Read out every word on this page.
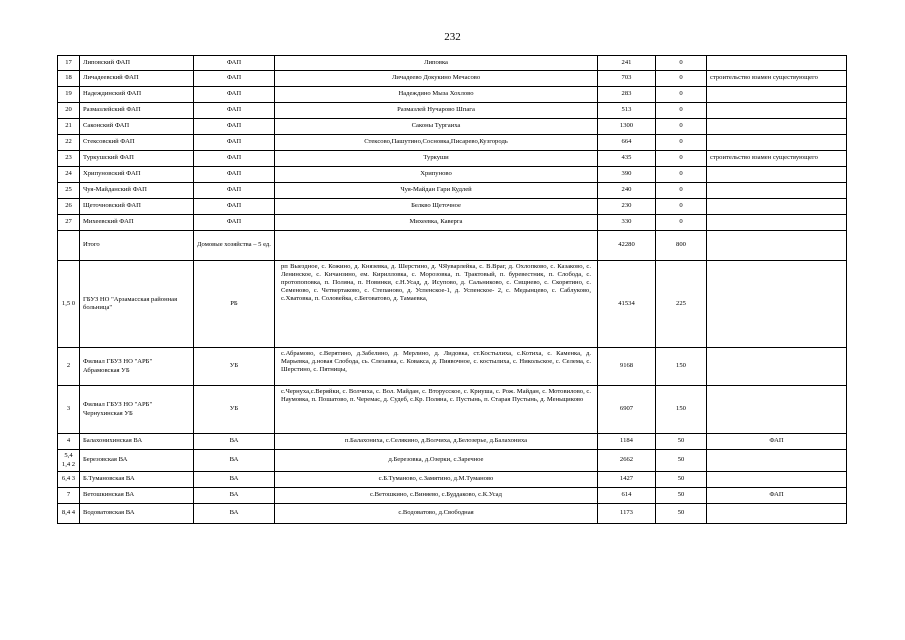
232
17	Липовский ФАП	ФАП	Липовка	241	0	
18	Личадеевский ФАП	ФАП	Личадеево Докукино Мечасово	703	0	строительство взамен существующего
19	Надеждинский ФАП	ФАП	Надеждино Мыза Хохлово	283	0	
20	Размазлейский ФАП	ФАП	Размазлей Нучарово Шпага	513	0	
21	Саконский ФАП	ФАП	Саконы Тургаиха	1300	0	
22	Стексовский ФАП	ФАП	Стексово,Пашутино,Сосновка,Писарево,Кузгородь	664	0	
23	Туркушский ФАП	ФАП	Туркуши	435	0	строительство взамен существующего
24	Хрипуновский ФАП	ФАП	Хрипуново	390	0	
25	Чуя-Майданский ФАП	ФАП	Чуя-Майдан Гари Кудлей	240	0	
26	Щеточновский ФАП	ФАП	Белкво Щеточное	230	0	
27	Михеевский ФАП	ФАП	Михеевка, Каверга	330	0	
	Итого	Домовые хозяйства – 5 ед.		42280	800	
1,5 0	ГБУЗ НО "Арзамасская районная больница"	РБ	рп Выездное, с. Кожино, д. Князевка, д. Шерстино, д. ЧЯуварлейка, с. В.Враг, д. Охлопково, с. Казаково, с. Ленинское, с. Кичанзино, ем. Кирилловка, с. Морозовка, п. Трактовый, п. буревестник, п. Слобода, с. протопоповка, п. Поляна, п. Новинки, с.Н.Усад, д. Исупово, д. Сальниково, с. Сищнево, с. Скорятино, с. Семеново, с. Четвертаково, с. Степаново, д. Успенское-1, д. Успенское- 2, с. Медынцево, с. Саблуково, с.Хватовка, п. Соловейка, с.Беговатово, д. Тамаевка,	41534	225	
2	Филиал ГБУЗ НО "АРБ" Абрамовская УБ	УБ	с.Абрамово, с.Верятино, д.Забелино, д. Мерлино, д. Лидовка, ст.Костылиха, с.Котиха, с. Каменка, д. Марьевка, д.новая Слобода, сь. Слезавка, с. Ковакса, д. Пиявочное, с. костылиха, с. Никольское, с. Селема, с. Шерстино, с. Пятницы,	9168	150	
3	Филиал ГБУЗ НО "АРБ" Чернухинская УБ	УБ	с.Чернуха,с.Веряйки, с. Волчиха, с. Вол. Майдан, с. Вторусское, с. Криуша, с. Рож. Майдан, с. Мотовилово, с. Наумовка, п. Пошатово, п. Черемас, д. Судеб, с.Кр. Поляна, с. Пустынь, п. Старая Пустынь, д. Меньщиково	6907	150	
4	Балахонихинская ВА	ВА	п.Балахониха, с.Селякино, д.Волчиха, д.Белозерье, д.Балахониха	1184	50	ФАП
5,4 1,4 2	Березовская ВА	ВА	д.Березовка, д.Озерки, с.Заречное	2662	50	
6,4 3	Б.Тумановская ВА	ВА	с.Б.Туманово, с.Замятино, д.М.Туманово	1427	50	
7	Ветошкинская ВА	ВА	с.Ветошкино, с.Виняево, с.Буддаково, с.К.Усад	614	50	ФАП
8,4 4	Водоватовская ВА	ВА	с.Водоватово, д.Свободная	1173	50	
